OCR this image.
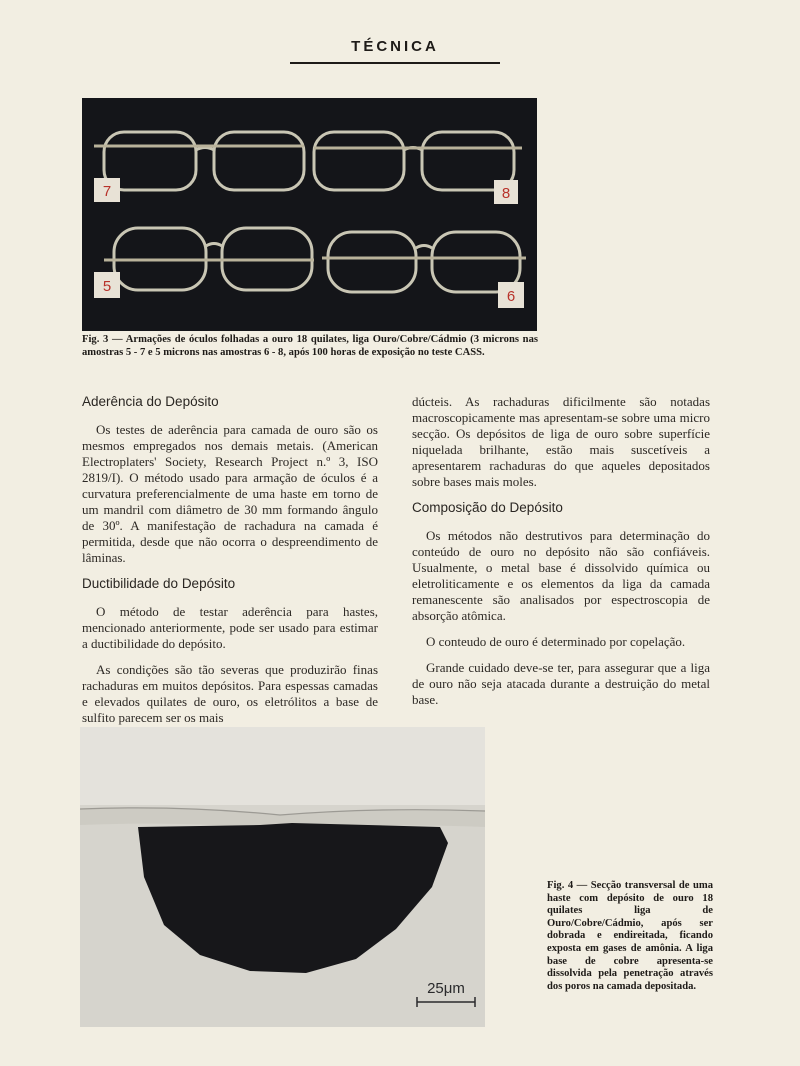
TÉCNICA
7	8
5
6
Fig. 3 — Armações de óculos folhadas a ouro 18 quilates, liga Ouro/Cobre/Cádmio (3 microns nas amostras 5 - 7 e 5 microns nas amostras 6 - 8, após 100 horas de exposição no teste CASS.
Aderência do Depósito

Os testes de aderência para camada de ouro são os mesmos empregados nos demais metais. (American Electroplaters' Society, Research Project n.º 3, ISO 2819/I). O método usado para armação de óculos é a curvatura preferencialmente de uma haste em torno de um mandril com diâmetro de 30 mm formando ângulo de 30º. A manifestação de rachadura na camada é permitida, desde que não ocorra o despreendimento de lâminas.

Ductibilidade do Depósito

O método de testar aderência para hastes, mencionado anteriormente, pode ser usado para estimar a ductibilidade do depósito.

As condições são tão severas que produzirão finas rachaduras em muitos depósitos. Para espessas camadas e elevados quilates de ouro, os eletrólitos a base de sulfito parecem ser os mais

dúcteis. As rachaduras dificilmente são notadas macroscopicamente mas apresentam-se sobre uma micro secção. Os depósitos de liga de ouro sobre superfície niquelada brilhante, estão mais suscetíveis a apresentarem rachaduras do que aqueles depositados sobre bases mais moles.

Composição do Depósito

Os métodos não destrutivos para determinação do conteúdo de ouro no depósito não são confiáveis. Usualmente, o metal base é dissolvido química ou eletroliticamente e os elementos da liga da camada remanescente são analisados por espectroscopia de absorção atômica.

O conteudo de ouro é determinado por copelação.

Grande cuidado deve-se ter, para assegurar que a liga de ouro não seja atacada durante a destruição do metal base.

25μm
Fig. 4 — Secção transversal de uma haste com depósito de ouro 18 quilates liga de Ouro/Cobre/Cádmio, após ser dobrada e endireitada, ficando exposta em gases de amônia. A liga base de cobre apresenta-se dissolvida pela penetração através dos poros na camada depositada.
